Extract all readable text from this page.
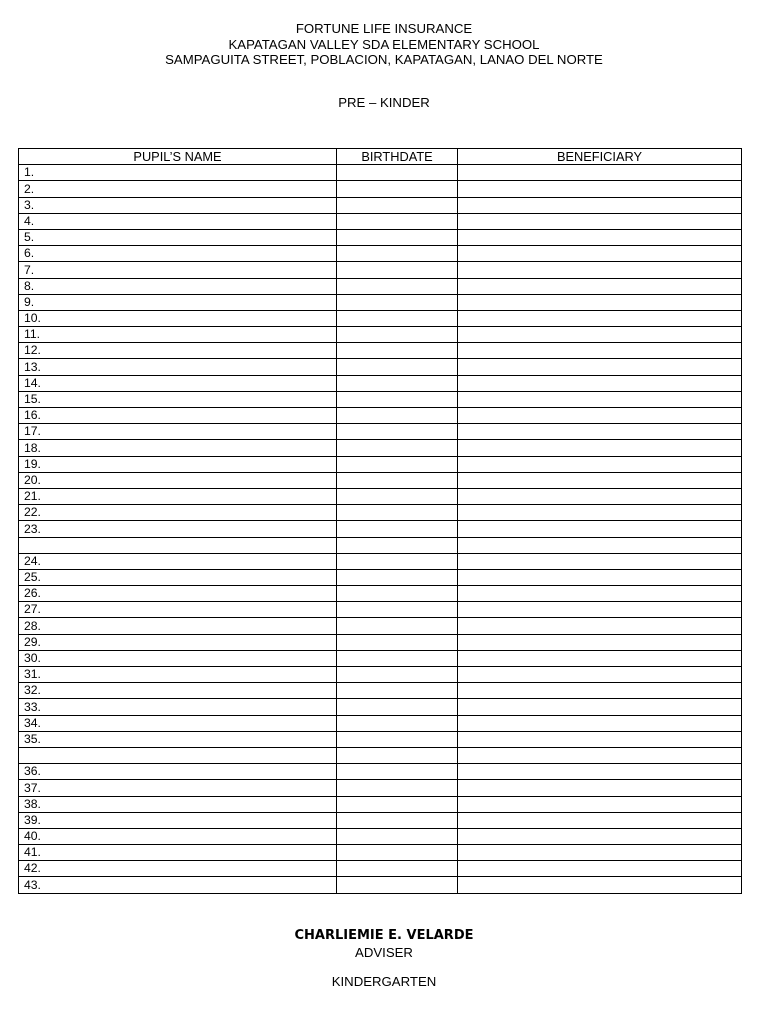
FORTUNE LIFE INSURANCE
KAPATAGAN VALLEY SDA ELEMENTARY SCHOOL
SAMPAGUITA STREET, POBLACION, KAPATAGAN, LANAO DEL NORTE
PRE – KINDER
PUPIL’S NAME	BIRTHDATE	BENEFICIARY
1.		
2.		
3.		
4.		
5.		
6.		
7.		
8.		
9.		
10.		
11.		
12.		
13.		
14.		
15.		
16.		
17.		
18.		
19.		
20.		
21.		
22.		
23.		

24.		
25.		
26.		
27.		
28.		
29.		
30.		
31.		
32.		
33.		
34.		
35.		

36.		
37.		
38.		
39.		
40.		
41.		
42.		
43.		
CHARLIEMIE E. VELARDE
ADVISER
KINDERGARTEN
